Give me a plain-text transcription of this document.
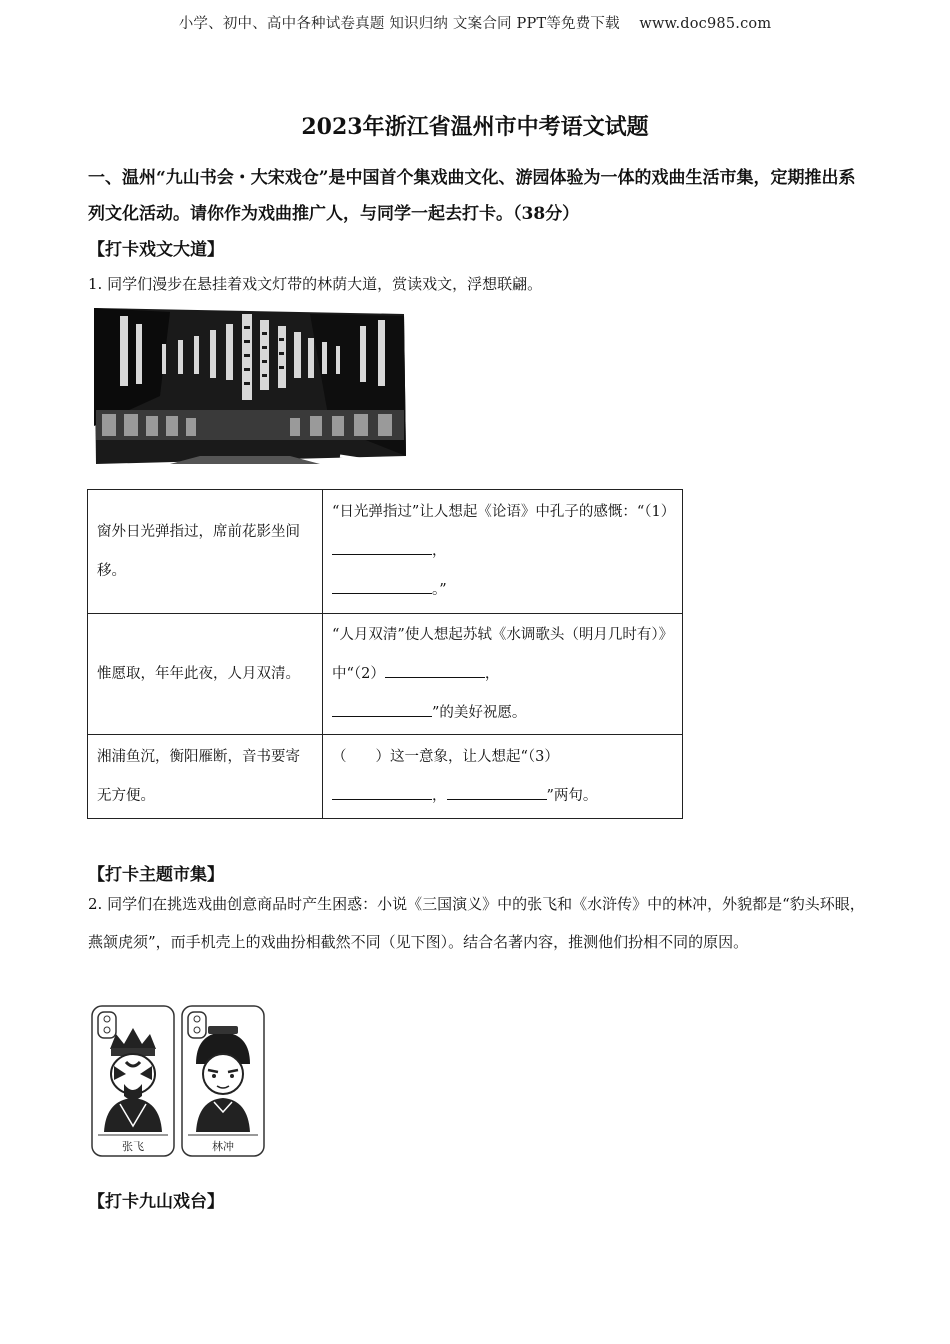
小学、初中、高中各种试卷真题 知识归纳 文案合同 PPT等免费下载　 www.doc985.com
2023年浙江省温州市中考语文试题
一、温州“九山书会・大宋戏仓”是中国首个集戏曲文化、游园体验为一体的戏曲生活市集，定期推出系列文化活动。请你作为戏曲推广人，与同学一起去打卡。（38分）
【打卡戏文大道】
1. 同学们漫步在悬挂着戏文灯带的林荫大道，赏读戏文，浮想联翩。
窗外日光弹指过，席前花影坐间移。	“日光弹指过”让人想起《论语》中孔子的感慨：“（1），
。”
惟愿取，年年此夜，人月双清。	“人月双清”使人想起苏轼《水调歌头（明月几时有）》中“（2） ，
”的美好祝愿。
湘浦鱼沉，衡阳雁断，音书要寄无方便。	（　　）这一意象，让人想起“（3）
， ”两句。
【打卡主题市集】
2. 同学们在挑选戏曲创意商品时产生困惑：小说《三国演义》中的张飞和《水浒传》中的林冲，外貌都是“豹头环眼，燕颔虎须”，而手机壳上的戏曲扮相截然不同（见下图）。结合名著内容，推测他们扮相不同的原因。
张飞	林冲
【打卡九山戏台】
